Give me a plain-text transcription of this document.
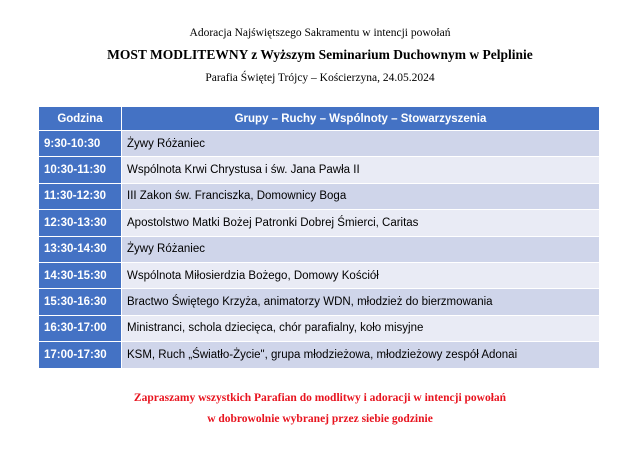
Adoracja Najświętszego Sakramentu w intencji powołań
MOST MODLITEWNY z Wyższym Seminarium Duchownym w Pelplinie
Parafia Świętej Trójcy – Kościerzyna, 24.05.2024
Godzina	Grupy – Ruchy – Wspólnoty – Stowarzyszenia
9:30-10:30	Żywy Różaniec
10:30-11:30	Wspólnota Krwi Chrystusa i św. Jana Pawła II
11:30-12:30	III Zakon św. Franciszka, Domownicy Boga
12:30-13:30	Apostolstwo Matki Bożej Patronki Dobrej Śmierci, Caritas
13:30-14:30	Żywy Różaniec
14:30-15:30	Wspólnota Miłosierdzia Bożego, Domowy Kościół
15:30-16:30	Bractwo Świętego Krzyża, animatorzy WDN, młodzież do bierzmowania
16:30-17:00	Ministranci, schola dziecięca, chór parafialny, koło misyjne
17:00-17:30	KSM, Ruch „Światło-Życie", grupa młodzieżowa, młodzieżowy zespół Adonai
Zapraszamy wszystkich Parafian do modlitwy i adoracji w intencji powołań
w dobrowolnie wybranej przez siebie godzinie
